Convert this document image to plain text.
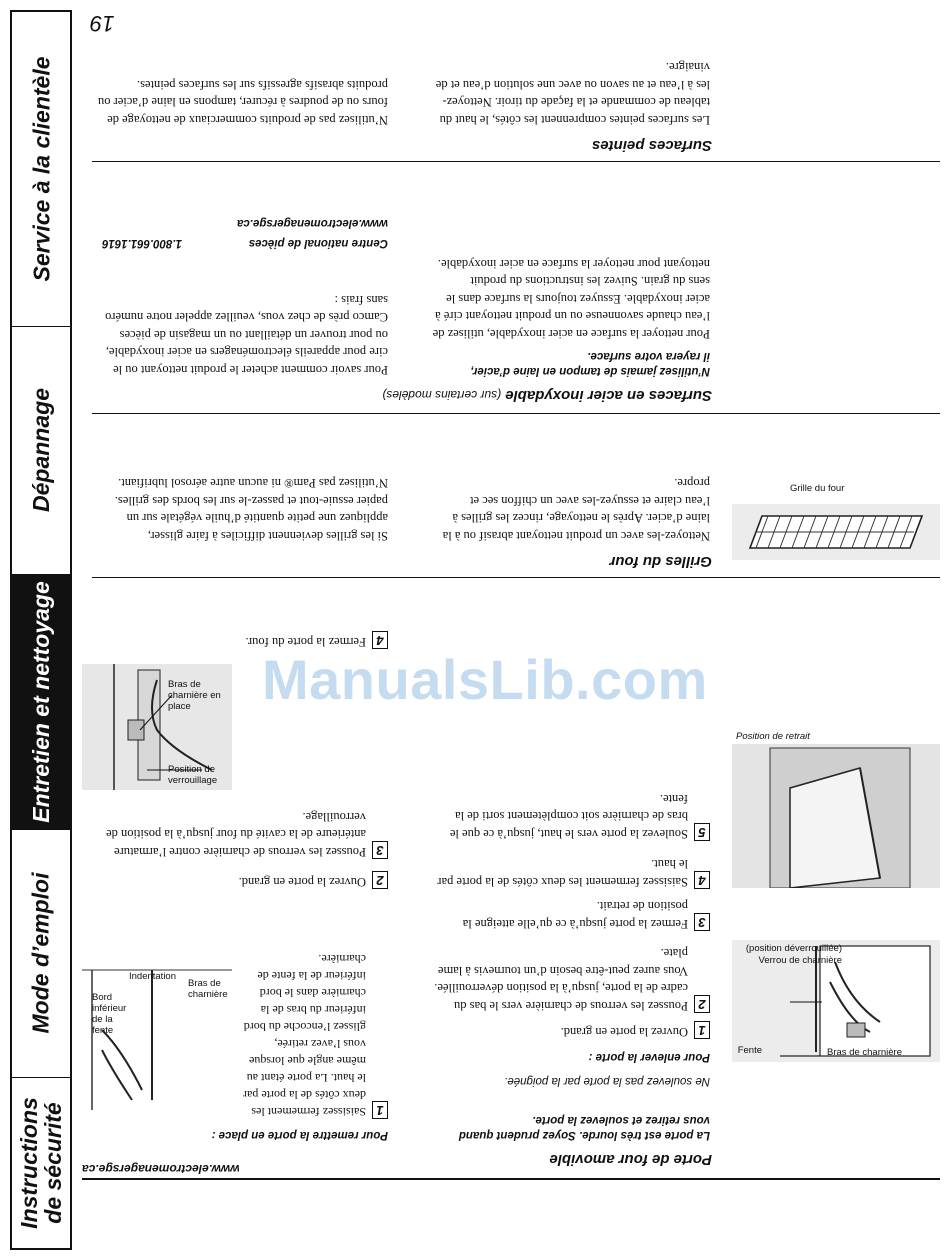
Instructions
de sécurité
Mode d’emploi
Entretien et nettoyage
Dépannage
Service à la clientèle
www.electromenagersge.ca
19
Porte de four amovible
La porte est très lourde. Soyez prudent quand
vous retirez et soulevez la porte.
Ne soulevez pas la porte par la poignée.
Pour enlever la porte :
1
Ouvrez la porte en grand.
2
Poussez les verrous de charnière vers le bas du cadre de la porte, jusqu’à la position déverrouillée. Vous aurez peut-être besoin d’un tournevis à lame plate.
3
Fermez la porte jusqu’à ce qu’elle atteigne la position de retrait.
4
Saisissez fermement les deux côtés de la porte par le haut.
5
Soulevez la porte vers le haut, jusqu’à ce que le bras de charnière soit complètement sorti de la fente.
Bras de charnière
Fente
Verrou de charnière
(position déverrouillée)
Position de retrait
Pour remettre la porte en place :
Bras de charnière
Indentation
Bord inférieur de la fente
1
Saisissez fermement les deux côtés de la porte par le haut. La porte étant au même angle que lorsque vous l’avez retirée, glissez l’encoche du bord inférieur du bras de la charnière dans le bord inférieur de la fente de charnière.
2
Ouvrez la porte en grand.
3
Poussez les verrous de charnière contre l’armature antérieure de la cavité du four jusqu’à la position de verrouillage.
Position de verrouillage
Bras de charnière en place
4
Fermez la porte du four.
Grilles du four
Grille du four
Nettoyez-les avec un produit nettoyant abrasif ou à la laine d’acier. Après le nettoyage, rincez les grilles à l’eau claire et essuyez-les avec un chiffon sec et propre.
Si les grilles deviennent difficiles à faire glisser, appliquez une petite quantité d’huile végétale sur un papier essuie-tout et passez-le sur les bords des grilles. N’utilisez pas Pam® ni aucun autre aérosol lubrifiant.
Surfaces en acier inoxydable (sur certains modèles)
N’utilisez jamais de tampon en laine d’acier,
il rayera votre surface.
Pour nettoyer la surface en acier inoxydable, utilisez de l’eau chaude savonneuse ou un produit nettoyant ciré à acier inoxydable. Essuyez toujours la surface dans le sens du grain. Suivez les instructions du produit nettoyant pour nettoyer la surface en acier inoxydable.
Pour savoir comment acheter le produit nettoyant ou le cire pour appareils électroménagers en acier inoxydable, ou pour trouver un détaillant ou un magasin de pièces Camco près de chez vous, veuillez appeler notre numéro sans frais :
Centre national de pièces
1.800.661.1616
www.electromenagersge.ca
Surfaces peintes
Les surfaces peintes comprennent les côtés, le haut du tableau de commande et la façade du tiroir. Nettoyez-les à l’eau et au savon ou avec une solution d’eau et de vinaigre.
N’utilisez pas de produits commerciaux de nettoyage de fours ou de poudres à récurer, tampons en laine d’acier ou produits abrasifs agressifs sur les surfaces peintes.
ManualsLib.com
